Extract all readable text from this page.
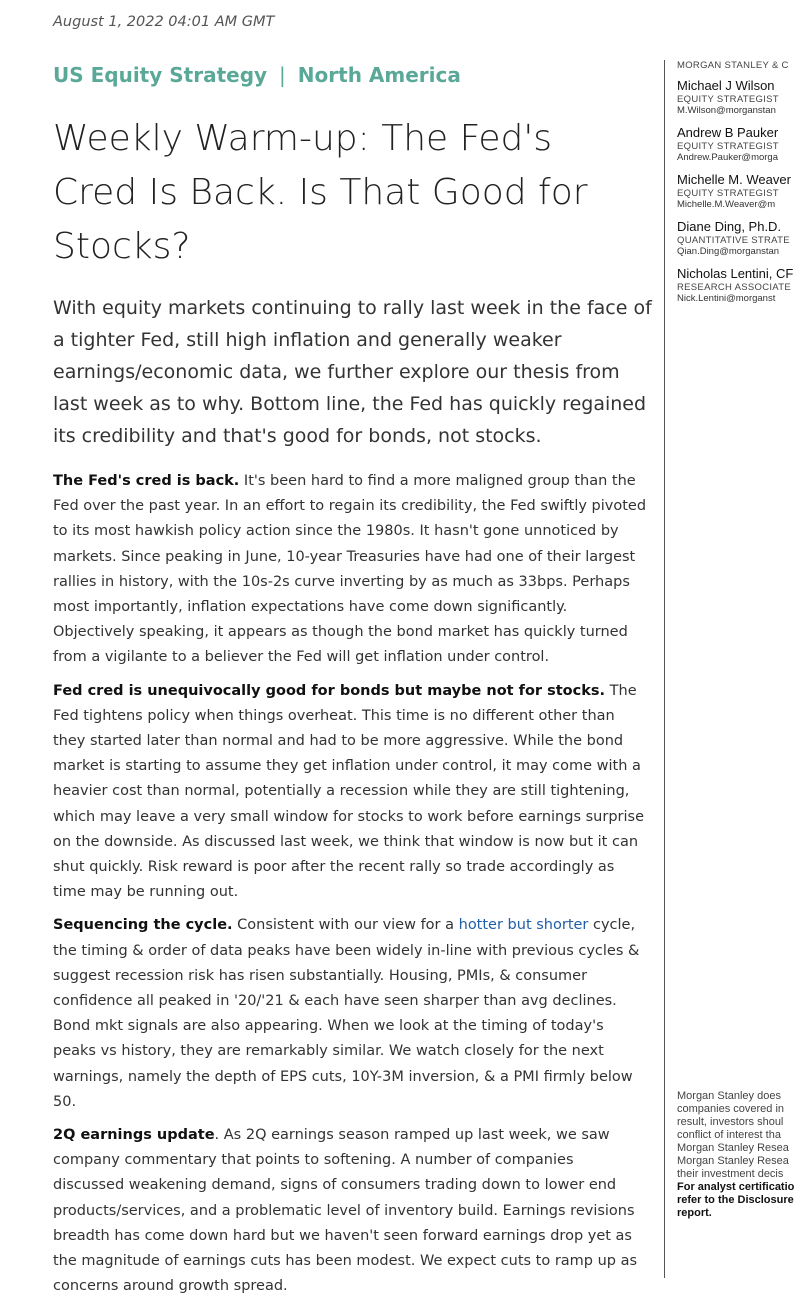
August 1, 2022 04:01 AM GMT
US Equity Strategy | North America
Weekly Warm-up: The Fed's Cred Is Back. Is That Good for Stocks?

With equity markets continuing to rally last week in the face of a tighter Fed, still high inflation and generally weaker earnings/economic data, we further explore our thesis from last week as to why. Bottom line, the Fed has quickly regained its credibility and that's good for bonds, not stocks.

The Fed's cred is back. It's been hard to find a more maligned group than the Fed over the past year. In an effort to regain its credibility, the Fed swiftly pivoted to its most hawkish policy action since the 1980s. It hasn't gone unnoticed by markets. Since peaking in June, 10-year Treasuries have had one of their largest rallies in history, with the 10s-2s curve inverting by as much as 33bps. Perhaps most importantly, inflation expectations have come down significantly. Objectively speaking, it appears as though the bond market has quickly turned from a vigilante to a believer the Fed will get inflation under control.

Fed cred is unequivocally good for bonds but maybe not for stocks. The Fed tightens policy when things overheat. This time is no different other than they started later than normal and had to be more aggressive. While the bond market is starting to assume they get inflation under control, it may come with a heavier cost than normal, potentially a recession while they are still tightening, which may leave a very small window for stocks to work before earnings surprise on the downside. As discussed last week, we think that window is now but it can shut quickly. Risk reward is poor after the recent rally so trade accordingly as time may be running out.

Sequencing the cycle. Consistent with our view for a hotter but shorter cycle, the timing & order of data peaks have been widely in-line with previous cycles & suggest recession risk has risen substantially. Housing, PMIs, & consumer confidence all peaked in '20/'21 & each have seen sharper than avg declines. Bond mkt signals are also appearing. When we look at the timing of today's peaks vs history, they are remarkably similar. We watch closely for the next warnings, namely the depth of EPS cuts, 10Y-3M inversion, & a PMI firmly below 50.

2Q earnings update. As 2Q earnings season ramped up last week, we saw company commentary that points to softening. A number of companies discussed weakening demand, signs of consumers trading down to lower end products/services, and a problematic level of inventory build. Earnings revisions breadth has come down hard but we haven't seen forward earnings drop yet as the magnitude of earnings cuts has been modest. We expect cuts to ramp up as concerns around growth spread.

MORGAN STANLEY & C
Michael J Wilson
EQUITY STRATEGIST
M.Wilson@morganstan
Andrew B Pauker
EQUITY STRATEGIST
Andrew.Pauker@morga
Michelle M. Weaver
EQUITY STRATEGIST
Michelle.M.Weaver@m
Diane Ding, Ph.D.
QUANTITATIVE STRATE
Qian.Ding@morganstan
Nicholas Lentini, CF
RESEARCH ASSOCIATE
Nick.Lentini@morganst
Morgan Stanley does
companies covered in
result, investors shoul
conflict of interest tha
Morgan Stanley Resea
Morgan Stanley Resea
their investment decis
For analyst certificatio
refer to the Disclosure
report.
